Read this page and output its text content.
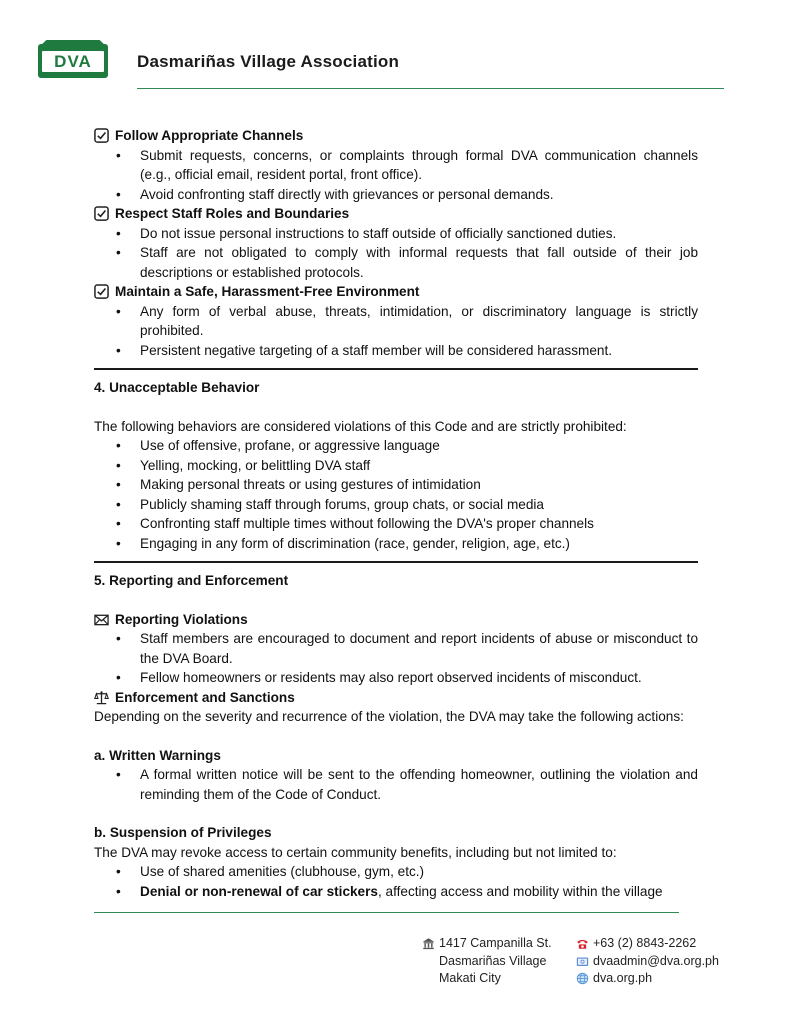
DVA	Dasmariñas Village Association

Follow Appropriate Channels

• Submit requests, concerns, or complaints through formal DVA communication channels (e.g., official email, resident portal, front office).
• Avoid confronting staff directly with grievances or personal demands.

Respect Staff Roles and Boundaries

• Do not issue personal instructions to staff outside of officially sanctioned duties.
• Staff are not obligated to comply with informal requests that fall outside of their job descriptions or established protocols.

Maintain a Safe, Harassment-Free Environment

• Any form of verbal abuse, threats, intimidation, or discriminatory language is strictly prohibited.
• Persistent negative targeting of a staff member will be considered harassment.

4. Unacceptable Behavior

The following behaviors are considered violations of this Code and are strictly prohibited:

• Use of offensive, profane, or aggressive language
• Yelling, mocking, or belittling DVA staff
• Making personal threats or using gestures of intimidation
• Publicly shaming staff through forums, group chats, or social media
• Confronting staff multiple times without following the DVA's proper channels
• Engaging in any form of discrimination (race, gender, religion, age, etc.)

5. Reporting and Enforcement

Reporting Violations

• Staff members are encouraged to document and report incidents of abuse or misconduct to the DVA Board.
• Fellow homeowners or residents may also report observed incidents of misconduct.

Enforcement and Sanctions

Depending on the severity and recurrence of the violation, the DVA may take the following actions:

a. Written Warnings

• A formal written notice will be sent to the offending homeowner, outlining the violation and reminding them of the Code of Conduct.

b. Suspension of Privileges

The DVA may revoke access to certain community benefits, including but not limited to:

• Use of shared amenities (clubhouse, gym, etc.)
• Denial or non-renewal of car stickers, affecting access and mobility within the village
1417 Campanilla St.
Dasmariñas Village
Makati City
+63 (2) 8843-2262
dvaadmin@dva.org.ph
dva.org.ph
